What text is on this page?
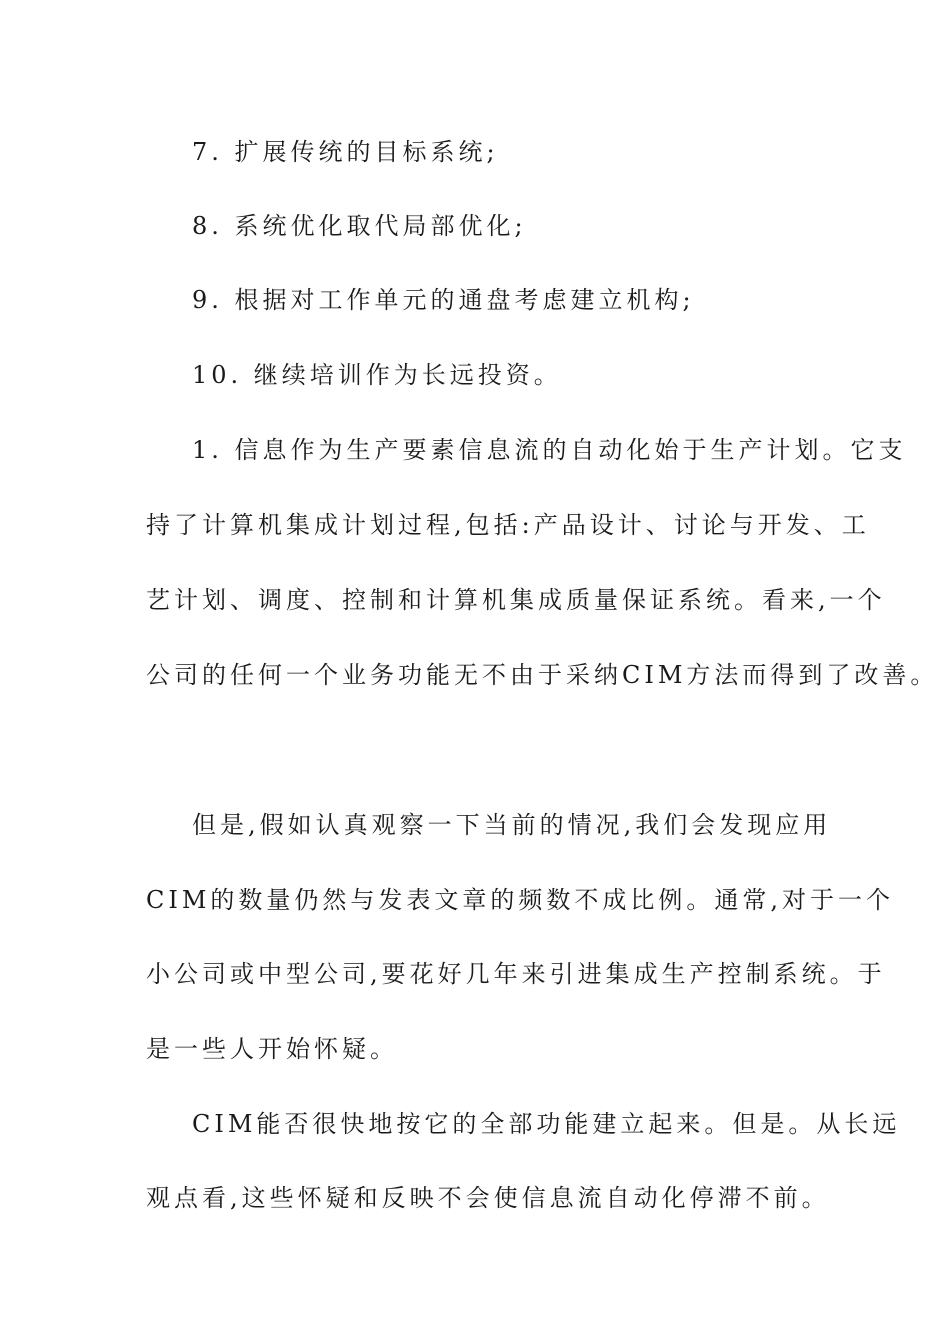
7. 扩展传统的目标系统;
8. 系统优化取代局部优化;
9. 根据对工作单元的通盘考虑建立机构;
10. 继续培训作为长远投资。
1. 信息作为生产要素信息流的自动化始于生产计划。它支
持了计算机集成计划过程,包括:产品设计、讨论与开发、工
艺计划、调度、控制和计算机集成质量保证系统。看来,一个
公司的任何一个业务功能无不由于采纳CIM方法而得到了改善。
但是,假如认真观察一下当前的情况,我们会发现应用
CIM的数量仍然与发表文章的频数不成比例。通常,对于一个
小公司或中型公司,要花好几年来引进集成生产控制系统。于
是一些人开始怀疑。
CIM能否很快地按它的全部功能建立起来。但是。从长远
观点看,这些怀疑和反映不会使信息流自动化停滞不前。
